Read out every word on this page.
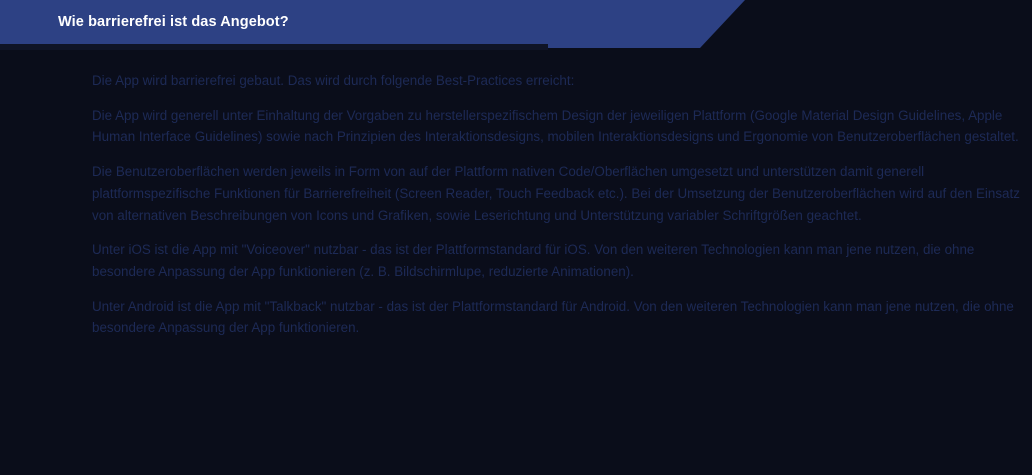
Wie barrierefrei ist das Angebot?

Die App wird barrierefrei gebaut. Das wird durch folgende Best-Practices erreicht:

Die App wird generell unter Einhaltung der Vorgaben zu herstellerspezifischem Design der jeweiligen Plattform (Google Material Design Guidelines, Apple Human Interface Guidelines) sowie nach Prinzipien des Interaktionsdesigns, mobilen Interaktionsdesigns und Ergonomie von Benutzeroberflächen gestaltet.

Die Benutzeroberflächen werden jeweils in Form von auf der Plattform nativen Code/Oberflächen umgesetzt und unterstützen damit generell plattformspezifische Funktionen für Barrierefreiheit (Screen Reader, Touch Feedback etc.). Bei der Umsetzung der Benutzeroberflächen wird auf den Einsatz von alternativen Beschreibungen von Icons und Grafiken, sowie Leserichtung und Unterstützung variabler Schriftgrößen geachtet.

Unter iOS ist die App mit "Voiceover" nutzbar - das ist der Plattformstandard für iOS. Von den weiteren Technologien kann man jene nutzen, die ohne besondere Anpassung der App funktionieren (z. B. Bildschirmlupe, reduzierte Animationen).

Unter Android ist die App mit "Talkback" nutzbar - das ist der Plattformstandard für Android. Von den weiteren Technologien kann man jene nutzen, die ohne besondere Anpassung der App funktionieren.
